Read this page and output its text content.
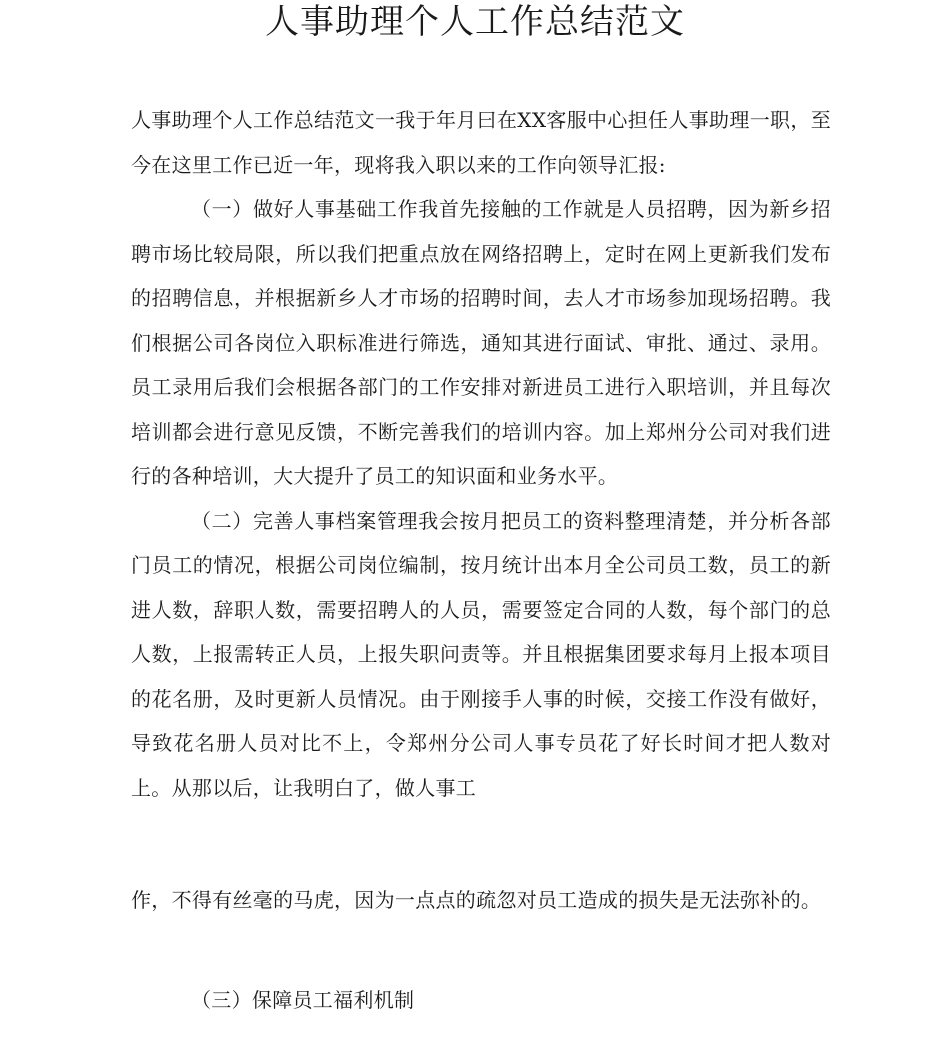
人事助理个人工作总结范文

人事助理个人工作总结范文一我于年月曰在XX客服中心担任人事助理一职，至今在这里工作已近一年，现将我入职以来的工作向领导汇报:

（一）做好人事基础工作我首先接触的工作就是人员招聘，因为新乡招聘市场比较局限，所以我们把重点放在网络招聘上，定时在网上更新我们发布的招聘信息，并根据新乡人才市场的招聘时间，去人才市场参加现场招聘。我们根据公司各岗位入职标准进行筛选，通知其进行面试、审批、通过、录用。员工录用后我们会根据各部门的工作安排对新进员工进行入职培训，并且每次培训都会进行意见反馈，不断完善我们的培训内容。加上郑州分公司对我们进行的各种培训，大大提升了员工的知识面和业务水平。

（二）完善人事档案管理我会按月把员工的资料整理清楚，并分析各部门员工的情况，根据公司岗位编制，按月统计出本月全公司员工数，员工的新进人数，辞职人数，需要招聘人的人员，需要签定合同的人数，每个部门的总人数，上报需转正人员，上报失职问责等。并且根据集团要求每月上报本项目的花名册，及时更新人员情况。由于刚接手人事的时候，交接工作没有做好，导致花名册人员对比不上，令郑州分公司人事专员花了好长时间才把人数对上。从那以后，让我明白了，做人事工

作，不得有丝毫的马虎，因为一点点的疏忽对员工造成的损失是无法弥补的。

（三）保障员工福利机制
